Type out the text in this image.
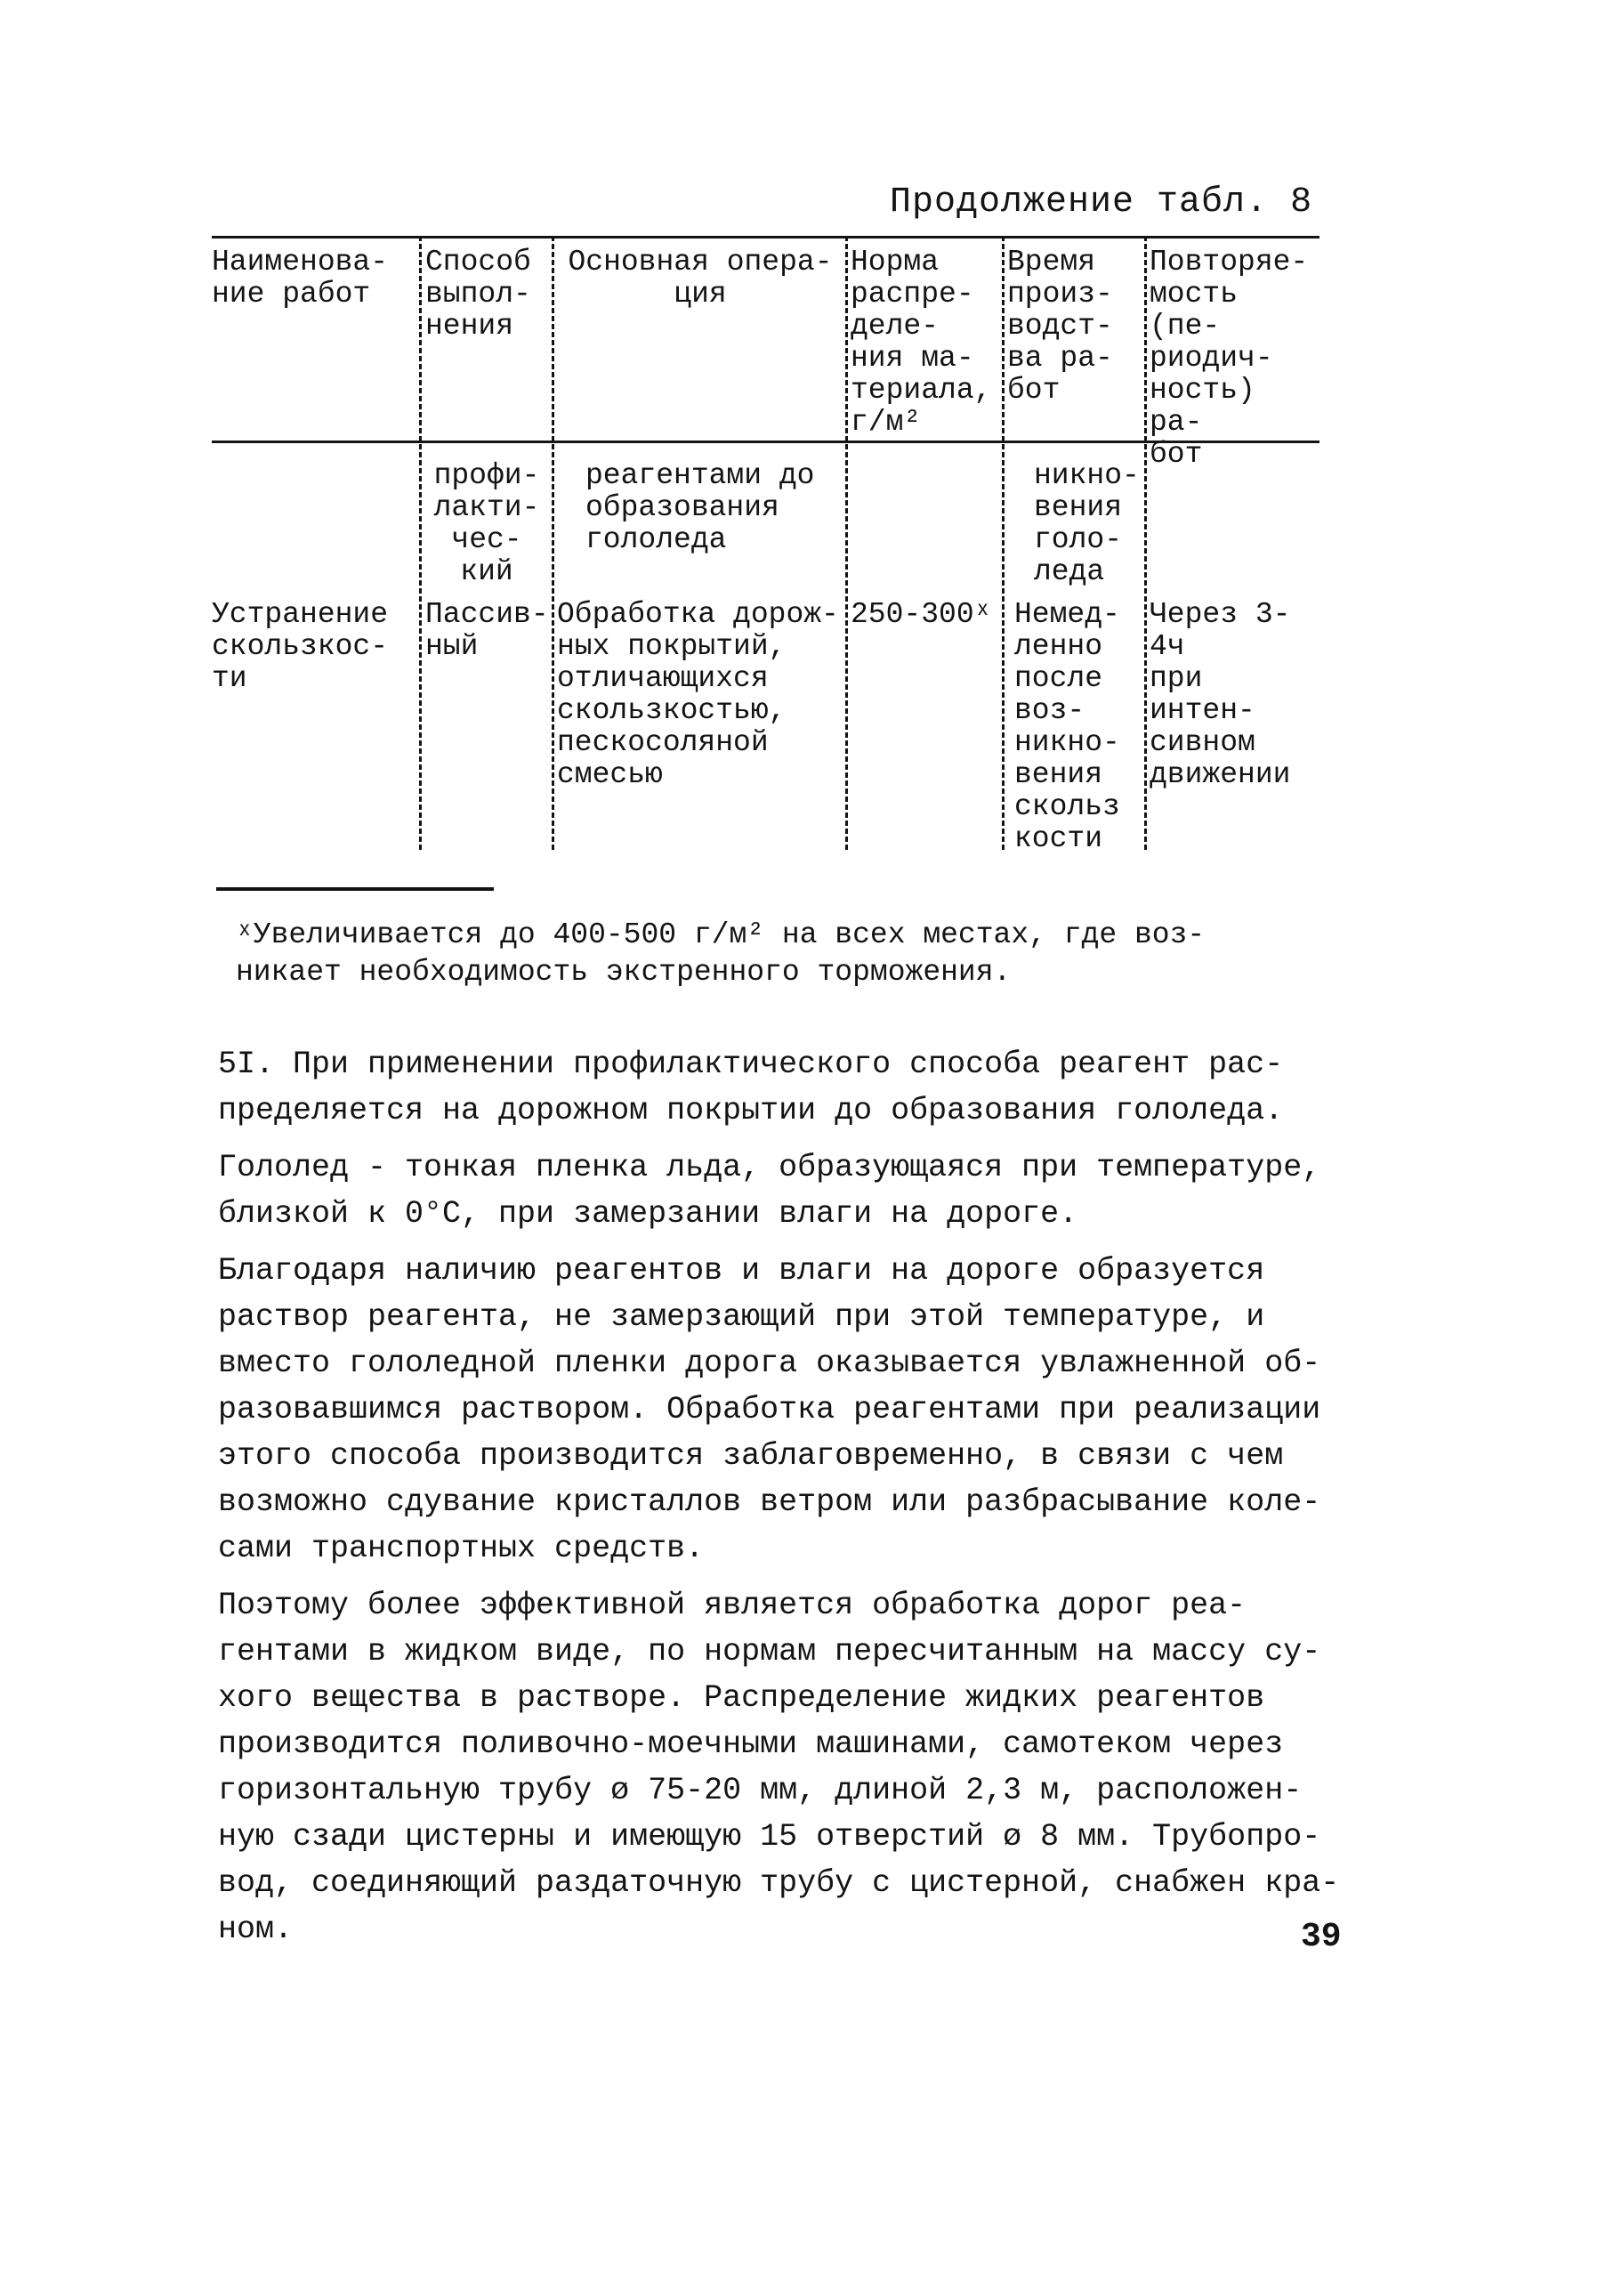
Продолжение табл. 8
Наименова-
ние работ
Способ
выпол-
нения
Основная опера-
ция
Норма
распре-
деле-
ния ма-
териала,
г/м²
Время
произ-
водст-
ва ра-
бот
Повторяе-
мость (пе-
риодич-
ность) ра-
бот
профи-
лакти-
чес-
кий
реагентами до
образования
гололеда
никно-
вения
голо-
леда
Устранение
скользкос-
ти
Пассив-
ный
Обработка дорож-
ных покрытий,
отличающихся
скользкостью,
пескосоляной
смесью
250-300ˣ Немед-
ленно
после
воз-
никно-
вения
скольз
кости
Через 3-4ч
при интен-
сивном
движении
ˣУвеличивается до 400-500 г/м² на всех местах, где воз-
никает необходимость экстренного торможения.

5I. При применении профилактического способа реагент рас-
пределяется на дорожном покрытии до образования гололеда.

Гололед - тонкая пленка льда, образующаяся при температуре,
близкой к 0°С, при замерзании влаги на дороге.

Благодаря наличию реагентов и влаги на дороге образуется
раствор реагента, не замерзающий при этой температуре, и
вместо гололедной пленки дорога оказывается увлажненной об-
разовавшимся раствором. Обработка реагентами при реализации
этого способа производится заблаговременно, в связи с чем
возможно сдувание кристаллов ветром или разбрасывание коле-
сами транспортных средств.

Поэтому более эффективной является обработка дорог реа-
гентами в жидком виде, по нормам пересчитанным на массу су-
хого вещества в растворе. Распределение жидких реагентов
производится поливочно-моечными машинами, самотеком через
горизонтальную трубу ø 75-20 мм, длиной 2,3 м, расположен-
ную сзади цистерны и имеющую 15 отверстий ø 8 мм. Трубопро-
вод, соединяющий раздаточную трубу с цистерной, снабжен кра-
ном.	39
